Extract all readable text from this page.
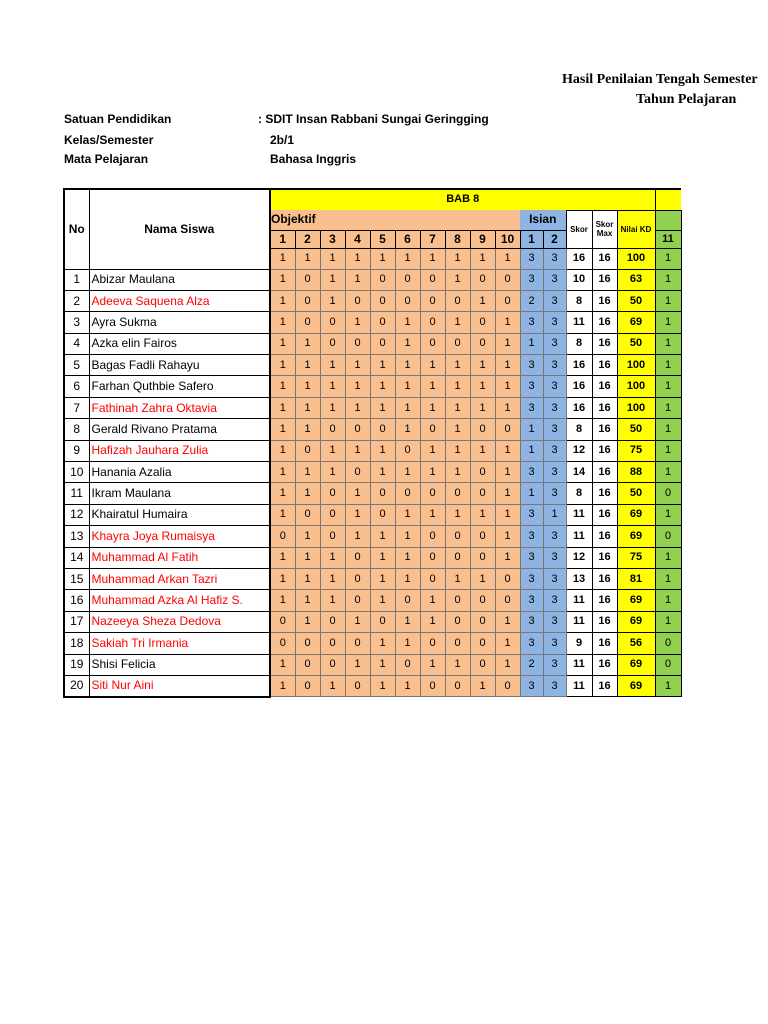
Hasil Penilaian Tengah Semester
Tahun Pelajaran
Satuan Pendidikan	: SDIT Insan Rabbani Sungai Geringging
Kelas/Semester	2b/1
Mata Pelajaran	Bahasa Inggris
No	Nama Siswa	BAB 8															
		Objektif										Isian		Skor	Skor Max	Nilai KD	
		1	2	3	4	5	6	7	8	9	10	1	2				11
		1	1	1	1	1	1	1	1	1	1	3	3	16	16	100	1
1	Abizar Maulana	1	0	1	1	0	0	0	1	0	0	3	3	10	16	63	1
2	Adeeva Saquena Alza	1	0	1	0	0	0	0	0	1	0	2	3	8	16	50	1
3	Ayra Sukma	1	0	0	1	0	1	0	1	0	1	3	3	11	16	69	1
4	Azka elin Fairos	1	1	0	0	0	1	0	0	0	1	1	3	8	16	50	1
5	Bagas Fadli Rahayu	1	1	1	1	1	1	1	1	1	1	3	3	16	16	100	1
6	Farhan Quthbie Safero	1	1	1	1	1	1	1	1	1	1	3	3	16	16	100	1
7	Fathinah Zahra Oktavia	1	1	1	1	1	1	1	1	1	1	3	3	16	16	100	1
8	Gerald Rivano Pratama	1	1	0	0	0	1	0	1	0	0	1	3	8	16	50	1
9	Hafizah Jauhara Zulia	1	0	1	1	1	0	1	1	1	1	1	3	12	16	75	1
10	Hanania Azalia	1	1	1	0	1	1	1	1	0	1	3	3	14	16	88	1
11	Ikram Maulana	1	1	0	1	0	0	0	0	0	1	1	3	8	16	50	0
12	Khairatul Humaira	1	0	0	1	0	1	1	1	1	1	3	1	11	16	69	1
13	Khayra Joya Rumaisya	0	1	0	1	1	1	0	0	0	1	3	3	11	16	69	0
14	Muhammad Al Fatih	1	1	1	0	1	1	0	0	0	1	3	3	12	16	75	1
15	Muhammad Arkan Tazri	1	1	1	0	1	1	0	1	1	0	3	3	13	16	81	1
16	Muhammad Azka Al Hafiz S.	1	1	1	0	1	0	1	0	0	0	3	3	11	16	69	1
17	Nazeeya Sheza Dedova	0	1	0	1	0	1	1	0	0	1	3	3	11	16	69	1
18	Sakiah Tri Irmania	0	0	0	0	1	1	0	0	0	1	3	3	9	16	56	0
19	Shisi Felicia	1	0	0	1	1	0	1	1	0	1	2	3	11	16	69	0
20	Siti Nur Aini	1	0	1	0	1	1	0	0	1	0	3	3	11	16	69	1
